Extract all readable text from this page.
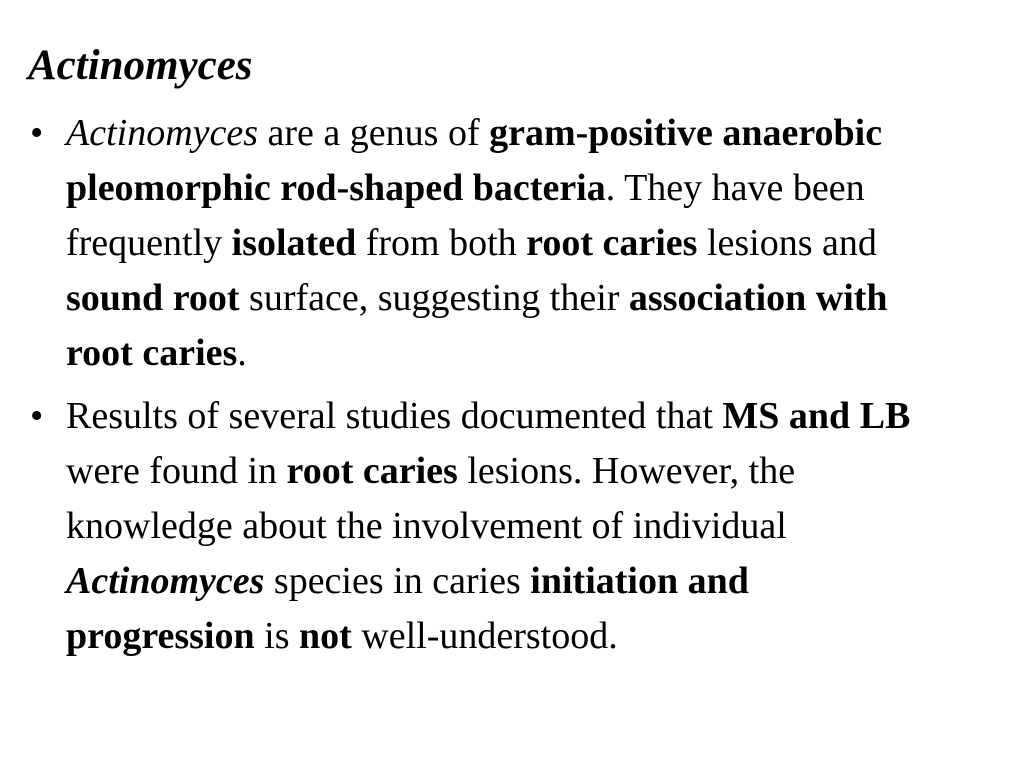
Actinomyces
• Actinomyces are a genus of gram-positive anaerobic pleomorphic rod-shaped bacteria. They have been frequently isolated from both root caries lesions and sound root surface, suggesting their association with root caries.
• Results of several studies documented that MS and LB were found in root caries lesions. However, the knowledge about the involvement of individual Actinomyces species in caries initiation and progression is not well-understood.
